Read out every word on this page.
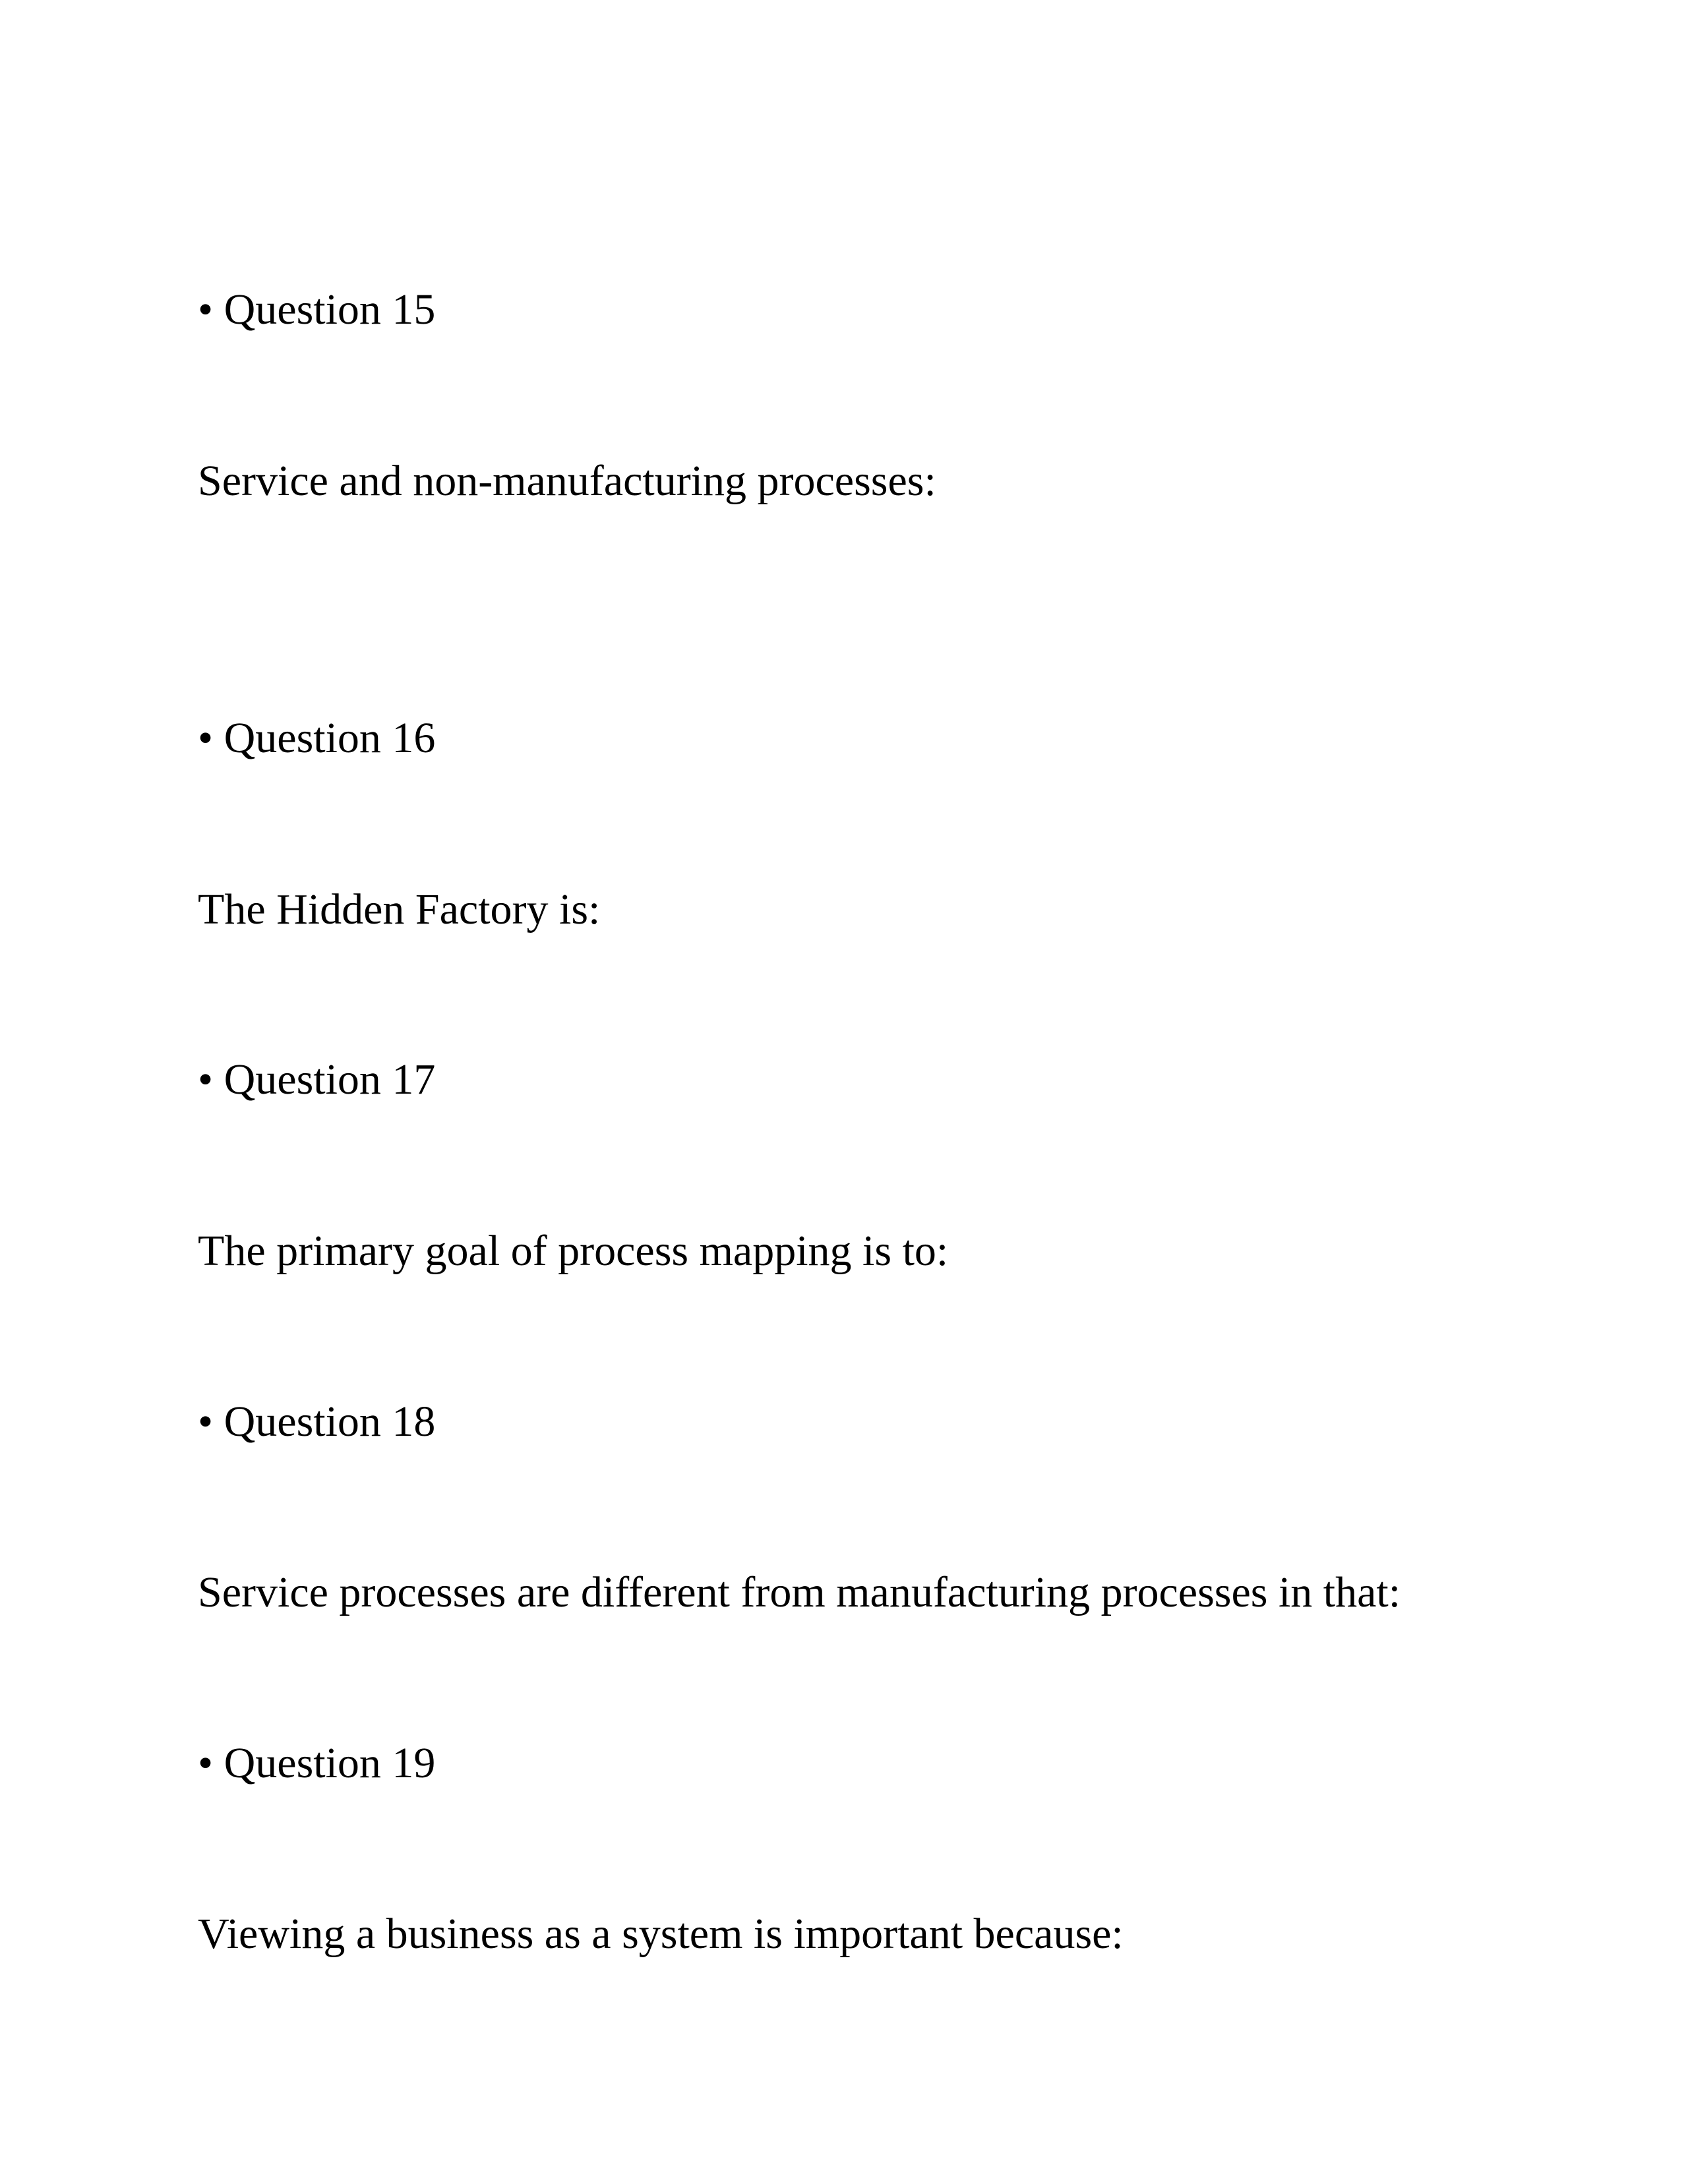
• Question 15

Service and non-manufacturing processes:

• Question 16

The Hidden Factory is:

• Question 17

The primary goal of process mapping is to:

• Question 18

Service processes are different from manufacturing processes in that:

• Question 19

Viewing a business as a system is important because:
